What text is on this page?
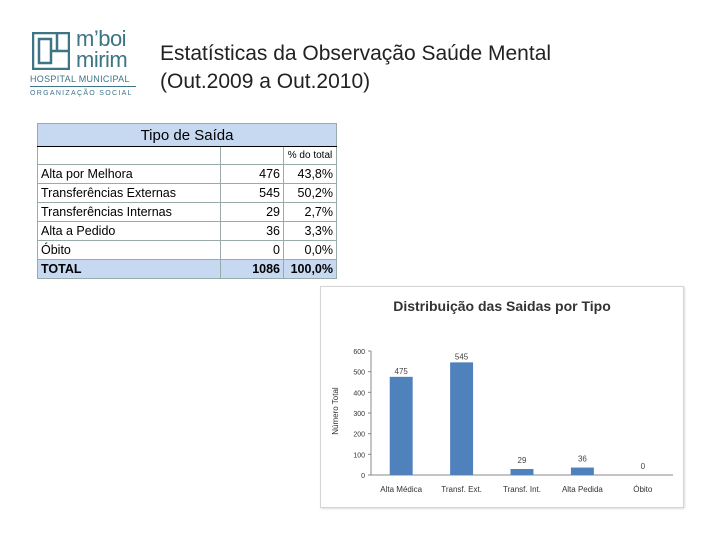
m’boi
mirim
HOSPITAL MUNICIPAL
ORGANIZAÇÃO SOCIAL
Estatísticas da Observação Saúde Mental
(Out.2009 a Out.2010)
Tipo de Saída		
		% do total
Alta por Melhora	476	43,8%
Transferências Externas	545	50,2%
Transferências Internas	29	2,7%
Alta a Pedido	36	3,3%
Óbito	0	0,0%
TOTAL	1086	100,0%
Distribuição das Saidas por Tipo
Número Total
0
100
200
300
400
500
600
475
Alta Médica
545
Transf. Ext.
29
Transf. Int.
36
Alta Pedida
0
Óbito
